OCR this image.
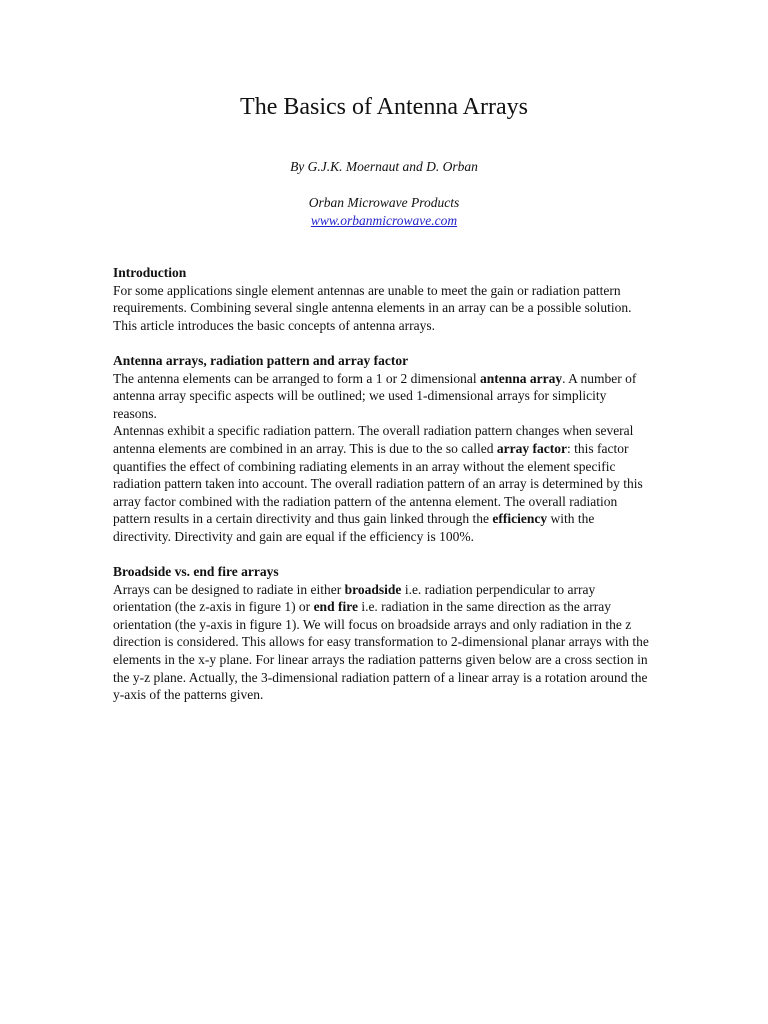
The Basics of Antenna Arrays

By G.J.K. Moernaut and D. Orban

Orban Microwave Products

www.orbanmicrowave.com

Introduction

For some applications single element antennas are unable to meet the gain or radiation pattern requirements. Combining several single antenna elements in an array can be a possible solution. This article introduces the basic concepts of antenna arrays.

Antenna arrays, radiation pattern and array factor

The antenna elements can be arranged to form a 1 or 2 dimensional antenna array. A number of antenna array specific aspects will be outlined; we used 1-dimensional arrays for simplicity reasons.

Antennas exhibit a specific radiation pattern. The overall radiation pattern changes when several antenna elements are combined in an array. This is due to the so called array factor: this factor quantifies the effect of combining radiating elements in an array without the element specific radiation pattern taken into account. The overall radiation pattern of an array is determined by this array factor combined with the radiation pattern of the antenna element. The overall radiation pattern results in a certain directivity and thus gain linked through the efficiency with the directivity. Directivity and gain are equal if the efficiency is 100%.

Broadside vs. end fire arrays

Arrays can be designed to radiate in either broadside i.e. radiation perpendicular to array orientation (the z-axis in figure 1) or end fire i.e. radiation in the same direction as the array orientation (the y-axis in figure 1). We will focus on broadside arrays and only radiation in the z direction is considered. This allows for easy transformation to 2-dimensional planar arrays with the elements in the x-y plane. For linear arrays the radiation patterns given below are a cross section in the y-z plane. Actually, the 3-dimensional radiation pattern of a linear array is a rotation around the y-axis of the patterns given.
